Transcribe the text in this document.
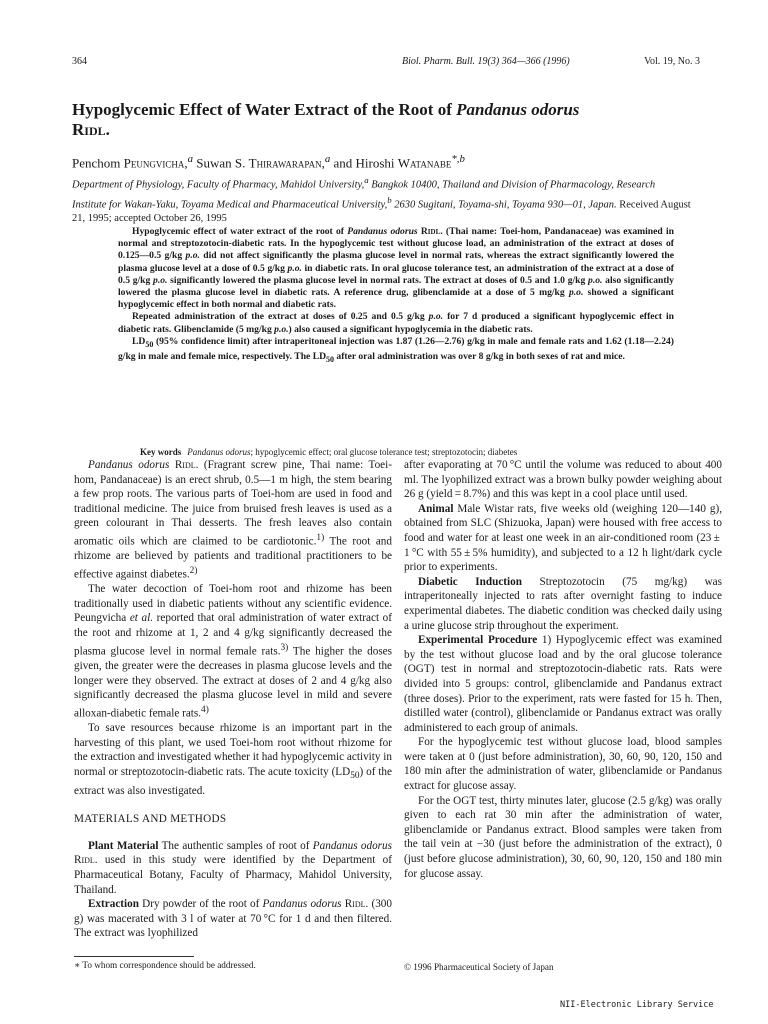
364	Biol. Pharm. Bull. 19(3) 364—366 (1996)	Vol. 19, No. 3
Hypoglycemic Effect of Water Extract of the Root of Pandanus odorus
Ridl.
Penchom Peungvicha,$^a$ Suwan S. Thirawarapan,$^a$ and Hiroshi Watanabe$^{*,b}$
Department of Physiology, Faculty of Pharmacy, Mahidol University,$^a$ Bangkok 10400, Thailand and Division of Pharmacology, Research Institute for Wakan-Yaku, Toyama Medical and Pharmaceutical University,$^b$ 2630 Sugitani, Toyama-shi, Toyama 930—01, Japan. Received August 21, 1995; accepted October 26, 1995

Hypoglycemic effect of water extract of the root of Pandanus odorus Ridl. (Thai name: Toei-hom, Pandanaceae) was examined in normal and streptozotocin-diabetic rats. In the hypoglycemic test without glucose load, an administration of the extract at doses of 0.125—0.5 g/kg p.o. did not affect significantly the plasma glucose level in normal rats, whereas the extract significantly lowered the plasma glucose level at a dose of 0.5 g/kg p.o. in diabetic rats. In oral glucose tolerance test, an administration of the extract at a dose of 0.5 g/kg p.o. significantly lowered the plasma glucose level in normal rats. The extract at doses of 0.5 and 1.0 g/kg p.o. also significantly lowered the plasma glucose level in diabetic rats. A reference drug, glibenclamide at a dose of 5 mg/kg p.o. showed a significant hypoglycemic effect in both normal and diabetic rats.

Repeated administration of the extract at doses of 0.25 and 0.5 g/kg p.o. for 7 d produced a significant hypoglycemic effect in diabetic rats. Glibenclamide (5 mg/kg p.o.) also caused a significant hypoglycemia in the diabetic rats.

$LD_{50}$ (95% confidence limit) after intraperitoneal injection was 1.87 (1.26—2.76) g/kg in male and female rats and 1.62 (1.18—2.24) g/kg in male and female mice, respectively. The $LD_{50}$ after oral administration was over 8 g/kg in both sexes of rat and mice.

Key words Pandanus odorus; hypoglycemic effect; oral glucose tolerance test; streptozotocin; diabetes

Pandanus odorus Ridl. (Fragrant screw pine, Thai name: Toei-hom, Pandanaceae) is an erect shrub, 0.5—1 m high, the stem bearing a few prop roots. The various parts of Toei-hom are used in food and traditional medicine. The juice from bruised fresh leaves is used as a green colourant in Thai desserts. The fresh leaves also contain aromatic oils which are claimed to be cardiotonic.$^{1)}$ The root and rhizome are believed by patients and traditional practitioners to be effective against diabetes.$^{2)}$

The water decoction of Toei-hom root and rhizome has been traditionally used in diabetic patients without any scientific evidence. Peungvicha et al. reported that oral administration of water extract of the root and rhizome at 1, 2 and 4 g/kg significantly decreased the plasma glucose level in normal female rats.$^{3)}$ The higher the doses given, the greater were the decreases in plasma glucose levels and the longer were they observed. The extract at doses of 2 and 4 g/kg also significantly decreased the plasma glucose level in mild and severe alloxan-diabetic female rats.$^{4)}$

To save resources because rhizome is an important part in the harvesting of this plant, we used Toei-hom root without rhizome for the extraction and investigated whether it had hypoglycemic activity in normal or streptozotocin-diabetic rats. The acute toxicity $(LD_{50})$ of the extract was also investigated.

MATERIALS AND METHODS

Plant Material The authentic samples of root of Pandanus odorus Ridl. used in this study were identified by the Department of Pharmaceutical Botany, Faculty of Pharmacy, Mahidol University, Thailand.

Extraction Dry powder of the root of Pandanus odorus Ridl. (300 g) was macerated with 3 l of water at 70 °C for 1 d and then filtered. The extract was lyophilized

after evaporating at 70 °C until the volume was reduced to about 400 ml. The lyophilized extract was a brown bulky powder weighing about 26 g (yield = 8.7%) and this was kept in a cool place until used.

Animal Male Wistar rats, five weeks old (weighing 120—140 g), obtained from SLC (Shizuoka, Japan) were housed with free access to food and water for at least one week in an air-conditioned room (23 ± 1 °C with 55 ± 5% humidity), and subjected to a 12 h light/dark cycle prior to experiments.

Diabetic Induction Streptozotocin (75 mg/kg) was intraperitoneally injected to rats after overnight fasting to induce experimental diabetes. The diabetic condition was checked daily using a urine glucose strip throughout the experiment.

Experimental Procedure 1) Hypoglycemic effect was examined by the test without glucose load and by the oral glucose tolerance (OGT) test in normal and streptozotocin-diabetic rats. Rats were divided into 5 groups: control, glibenclamide and Pandanus extract (three doses). Prior to the experiment, rats were fasted for 15 h. Then, distilled water (control), glibenclamide or Pandanus extract was orally administered to each group of animals.

For the hypoglycemic test without glucose load, blood samples were taken at 0 (just before administration), 30, 60, 90, 120, 150 and 180 min after the administration of water, glibenclamide or Pandanus extract for glucose assay.

For the OGT test, thirty minutes later, glucose (2.5 g/kg) was orally given to each rat 30 min after the administration of water, glibenclamide or Pandanus extract. Blood samples were taken from the tail vein at −30 (just before the administration of the extract), 0 (just before glucose administration), 30, 60, 90, 120, 150 and 180 min for glucose assay.

∗ To whom correspondence should be addressed.	© 1996 Pharmaceutical Society of Japan
NII-Electronic Library Service
